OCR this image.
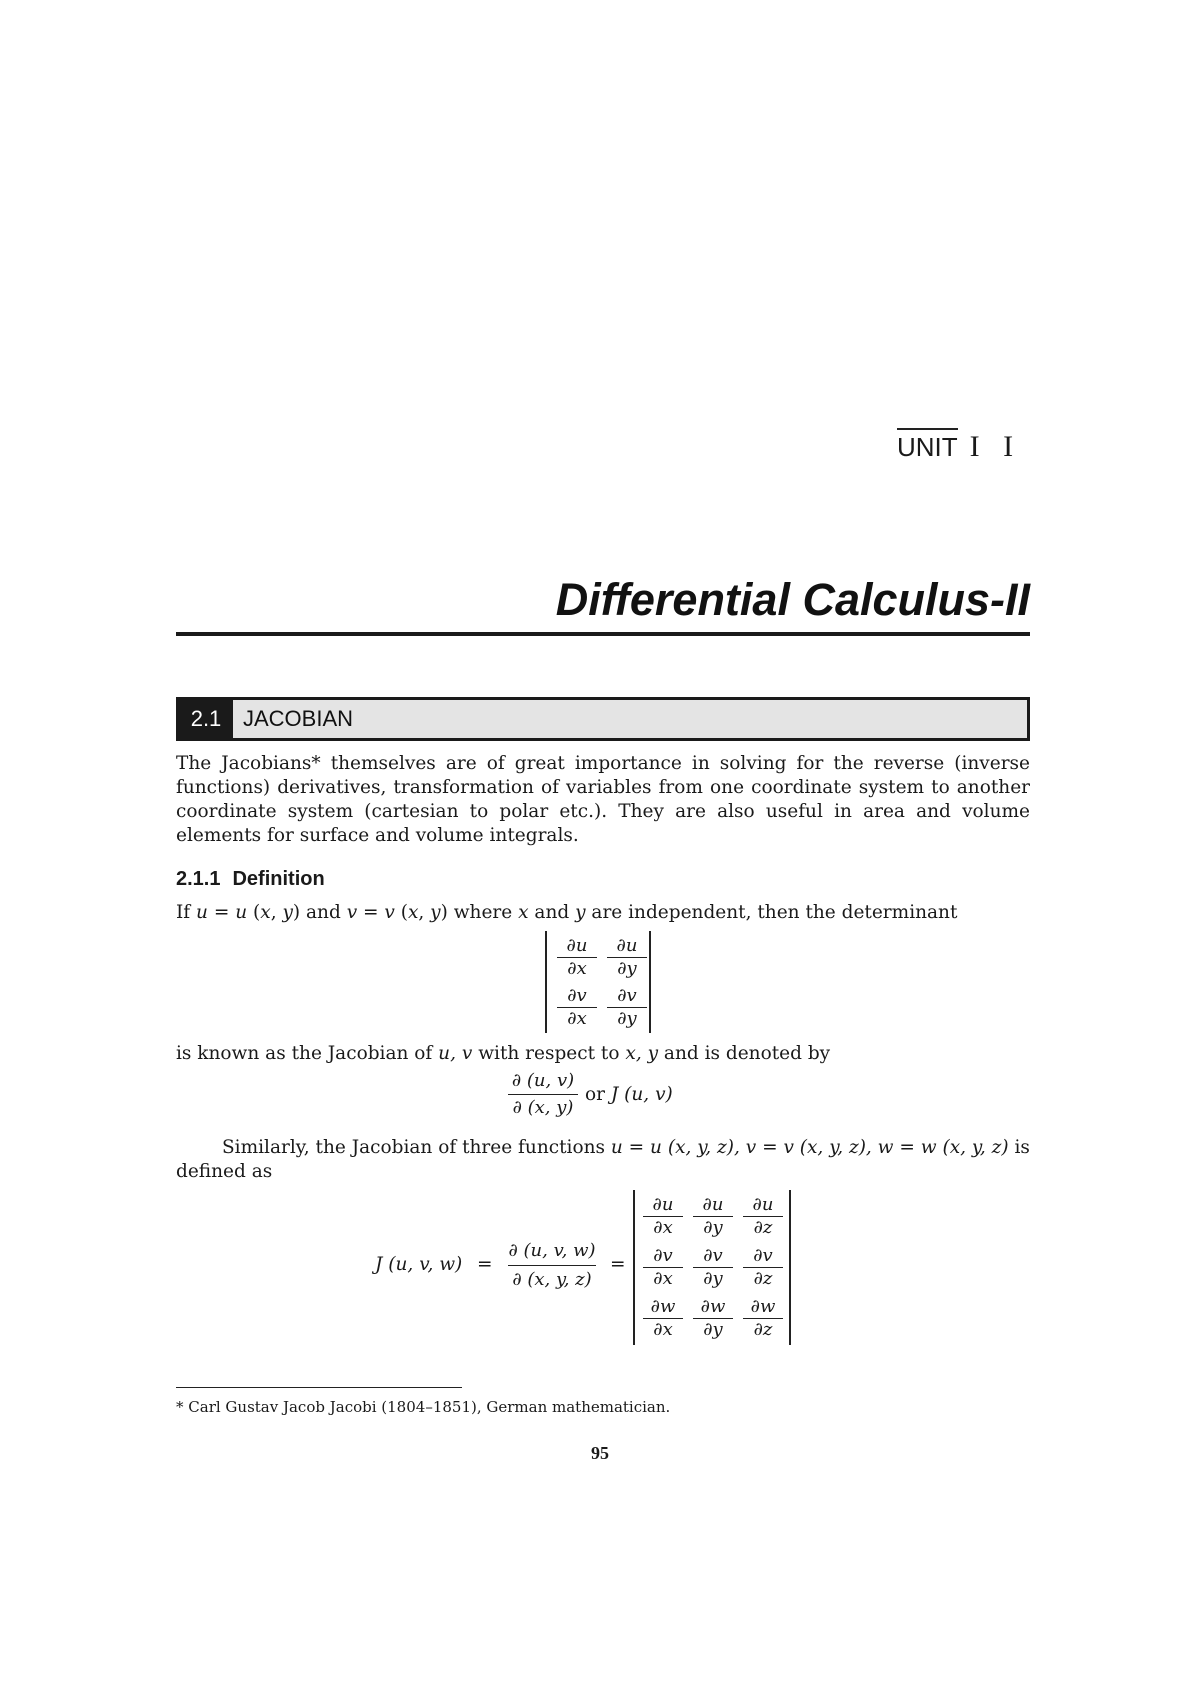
UNIT I I
Differential Calculus-II
2.1 JACOBIAN

The Jacobians* themselves are of great importance in solving for the reverse (inverse functions) derivatives, transformation of variables from one coordinate system to another coordinate system (cartesian to polar etc.). They are also useful in area and volume elements for surface and volume integrals.

2.1.1 Definition
If u = u (x, y) and v = v (x, y) where x and y are independent, then the determinant
$\frac{\partial u}{\partial x} \frac{\partial u}{\partial y}$
$\frac{\partial v}{\partial x} \frac{\partial v}{\partial y}$
is known as the Jacobian of u, v with respect to x, y and is denoted by
∂ (u, v)
∂ (x, y)
or J (u, v)
Similarly, the Jacobian of three functions u = u (x, y, z), v = v (x, y, z), w = w (x, y, z) is defined as
J (u, v, $w) = \frac{\partial (u, v, w)}{\partial (x, y, z)}$ =
$\frac{\partial u}{\partial x} \frac{\partial u}{\partial y} \frac{\partial u}{\partial z}$
$\frac{\partial v}{\partial x} \frac{\partial v}{\partial y} \frac{\partial v}{\partial z}$
$\frac{\partial w}{\partial x} \frac{\partial w}{\partial y} \frac{\partial w}{\partial z}$
* Carl Gustav Jacob Jacobi (1804–1851), German mathematician.
95
